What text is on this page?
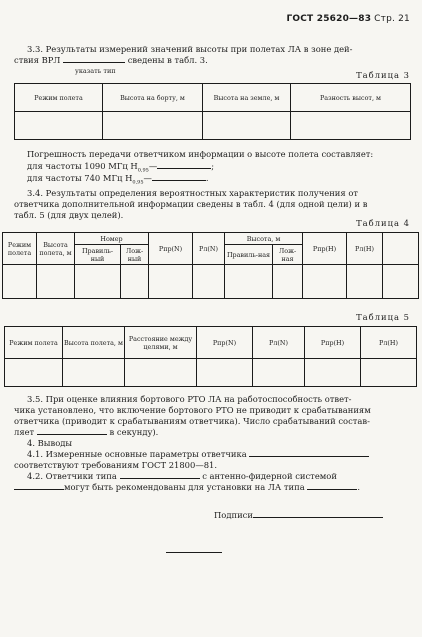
ГОСТ 25620—83 Стр. 21
3.3. Результаты измерений значений высоты при полетах ЛА в зоне дей-
ствия ВРЛ	сведены в табл. 3.
указать тип	Таблица 3
Режим полета	Высота на борту, м	Высота на земле, м	Разность высот, м

Погрешность передачи ответчиком информации о высоте полета составляет:
для частоты 1090 МГц $H_{0,95}—$	;
для частоты 740 МГц $H_{0,95}—$	.
3.4. Результаты определения вероятностных характеристик получения от
ответчика дополнительной информации сведены в табл. 4 (для одной цели) и в
табл. 5 (для двух целей).
Таблица 4
Режим полета	Высота полета, м	Номер		Pпр(N)	Pл(N)	Высота, м		Pпр(H)	Pл(H)	
		Правиль-ный	Лож-ный			Правиль-ная	Лож-ная			

Таблица 5
Режим полета	Высота полета, м	Расстояние между целями, м	Pпр(N)	Pл(N)	Pпр(H)	Pл(H)

3.5. При оценке влияния бортового РТО ЛА на работоспособность ответ-
чика установлено, что включение бортового РТО не приводит к срабатываниям
ответчика (приводит к срабатываниям ответчика). Число срабатываний состав-
ляет	в секунду).
4. Выводы
4.1. Измеренные основные параметры ответчика
соответствуют требованиям ГОСТ 21800—81.
4.2. Ответчики типа	с антенно-фидерной системой
могут быть рекомендованы для установки на ЛА типа	.
Подписи
